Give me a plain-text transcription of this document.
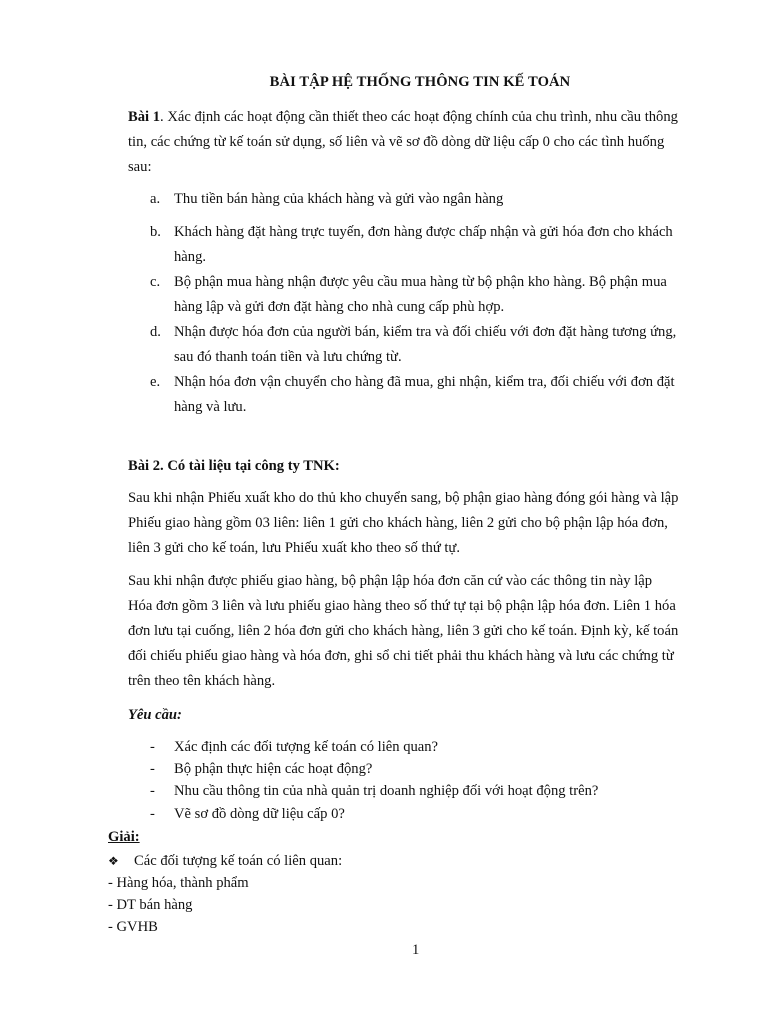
BÀI TẬP HỆ THỐNG THÔNG TIN KẾ TOÁN
Bài 1. Xác định các hoạt động cần thiết theo các hoạt động chính của chu trình, nhu cầu thông
tin, các chứng từ kế toán sử dụng, số liên và vẽ sơ đồ dòng dữ liệu cấp 0 cho các tình huống
sau:
a. Thu tiền bán hàng của khách hàng và gửi vào ngân hàng
b. Khách hàng đặt hàng trực tuyến, đơn hàng được chấp nhận và gửi hóa đơn cho khách
hàng.
c. Bộ phận mua hàng nhận được yêu cầu mua hàng từ bộ phận kho hàng. Bộ phận mua
hàng lập và gửi đơn đặt hàng cho nhà cung cấp phù hợp.
d. Nhận được hóa đơn của người bán, kiểm tra và đối chiếu với đơn đặt hàng tương ứng,
sau đó thanh toán tiền và lưu chứng từ.
e. Nhận hóa đơn vận chuyển cho hàng đã mua, ghi nhận, kiểm tra, đối chiếu với đơn đặt
hàng và lưu.
Bài 2. Có tài liệu tại công ty TNK:
Sau khi nhận Phiếu xuất kho do thủ kho chuyển sang, bộ phận giao hàng đóng gói hàng và lập
Phiếu giao hàng gồm 03 liên: liên 1 gửi cho khách hàng, liên 2 gửi cho bộ phận lập hóa đơn,
liên 3 gửi cho kế toán, lưu Phiếu xuất kho theo số thứ tự.
Sau khi nhận được phiếu giao hàng, bộ phận lập hóa đơn căn cứ vào các thông tin này lập
Hóa đơn gồm 3 liên và lưu phiếu giao hàng theo số thứ tự tại bộ phận lập hóa đơn. Liên 1 hóa
đơn lưu tại cuống, liên 2 hóa đơn gửi cho khách hàng, liên 3 gửi cho kế toán. Định kỳ, kế toán
đối chiếu phiếu giao hàng và hóa đơn, ghi sổ chi tiết phải thu khách hàng và lưu các chứng từ
trên theo tên khách hàng.
Yêu cầu:
-	Xác định các đối tượng kế toán có liên quan?
-	Bộ phận thực hiện các hoạt động?
-	Nhu cầu thông tin của nhà quản trị doanh nghiệp đối với hoạt động trên?
-	Vẽ sơ đồ dòng dữ liệu cấp 0?
Giải:
❖ Các đối tượng kế toán có liên quan:
- Hàng hóa, thành phẩm
- DT bán hàng
- GVHB
1
